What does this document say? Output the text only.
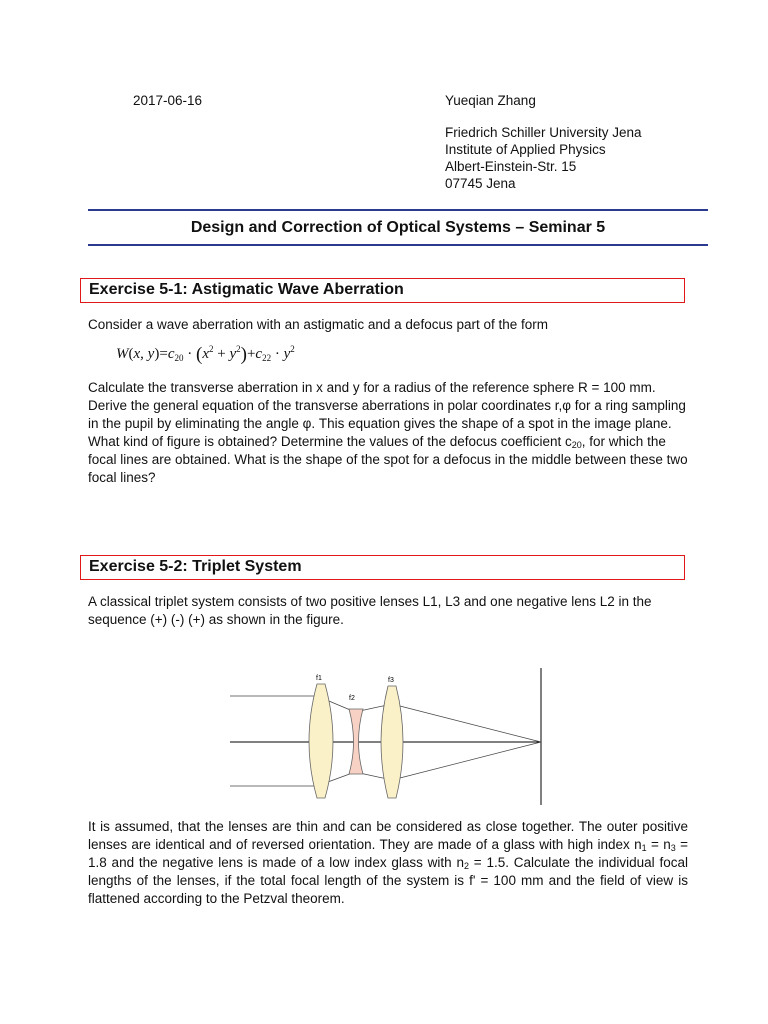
2017-06-16	Yueqian Zhang
Friedrich Schiller University Jena
Institute of Applied Physics
Albert-Einstein-Str. 15
07745 Jena
Design and Correction of Optical Systems – Seminar 5
Exercise 5-1: Astigmatic Wave Aberration
Consider a wave aberration with an astigmatic and a defocus part of the form
W(x, $y)=c_{20} \cdot (x^2 + y^2)+c_{22} \cdot y^2$
Calculate the transverse aberration in x and y for a radius of the reference sphere R = 100 mm. Derive the general equation of the transverse aberrations in polar coordinates r,φ for a ring sampling in the pupil by eliminating the angle φ. This equation gives the shape of a spot in the image plane. What kind of figure is obtained? Determine the values of the defocus coefficient $c_{20}$, for which the focal lines are obtained. What is the shape of the spot for a defocus in the middle between these two focal lines?
Exercise 5-2: Triplet System
A classical triplet system consists of two positive lenses L1, L3 and one negative lens L2 in the sequence (+) (-) (+) as shown in the figure.
f1
f2
f3
It is assumed, that the lenses are thin and can be considered as close together. The outer positive lenses are identical and of reversed orientation. They are made of a glass with high index $n_1 = n_3 = 1.8$ and the negative lens is made of a low index glass with $n_2 = 1.5$. Calculate the individual focal lengths of the lenses, if the total focal length of the system is f' = 100 mm and the field of view is flattened according to the Petzval theorem.
